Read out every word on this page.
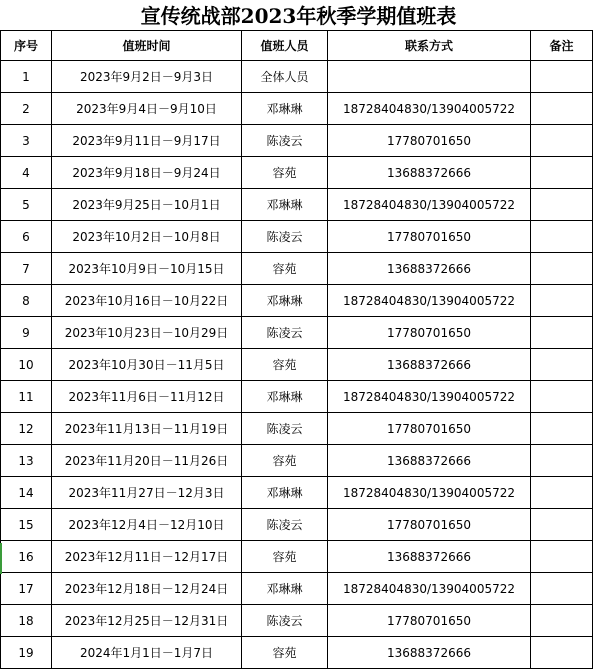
宣传统战部2023年秋季学期值班表
序号	值班时间	值班人员	联系方式	备注
1	2023年9月2日－9月3日	全体人员		
2	2023年9月4日－9月10日	邓琳琳	18728404830/13904005722	
3	2023年9月11日－9月17日	陈凌云	17780701650	
4	2023年9月18日－9月24日	容苑	13688372666	
5	2023年9月25日－10月1日	邓琳琳	18728404830/13904005722	
6	2023年10月2日－10月8日	陈凌云	17780701650	
7	2023年10月9日－10月15日	容苑	13688372666	
8	2023年10月16日－10月22日	邓琳琳	18728404830/13904005722	
9	2023年10月23日－10月29日	陈凌云	17780701650	
10	2023年10月30日－11月5日	容苑	13688372666	
11	2023年11月6日－11月12日	邓琳琳	18728404830/13904005722	
12	2023年11月13日－11月19日	陈凌云	17780701650	
13	2023年11月20日－11月26日	容苑	13688372666	
14	2023年11月27日－12月3日	邓琳琳	18728404830/13904005722	
15	2023年12月4日－12月10日	陈凌云	17780701650	
16	2023年12月11日－12月17日	容苑	13688372666	
17	2023年12月18日－12月24日	邓琳琳	18728404830/13904005722	
18	2023年12月25日－12月31日	陈凌云	17780701650	
19	2024年1月1日－1月7日	容苑	13688372666	
